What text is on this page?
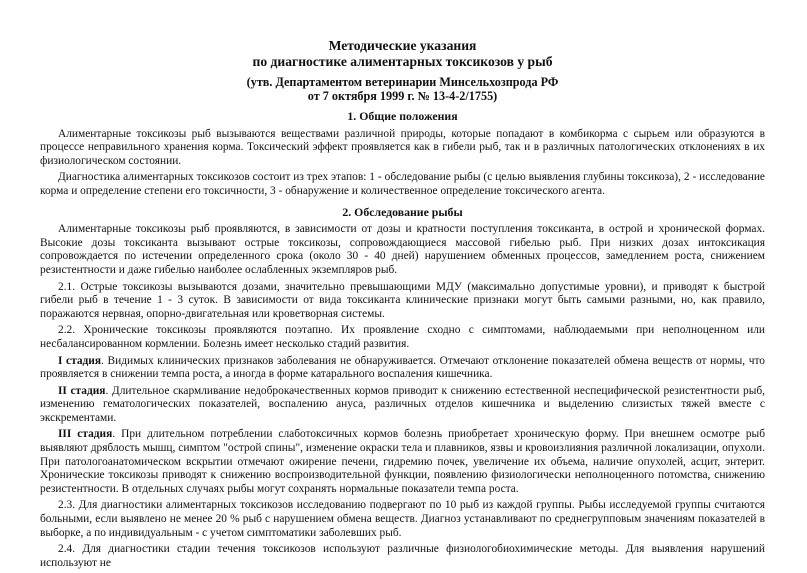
Методические указания
по диагностике алиментарных токсикозов у рыб

(утв. Департаментом ветеринарии Минсельхозпрода РФ
от 7 октября 1999 г. № 13-4-2/1755)

1. Общие положения

Алиментарные токсикозы рыб вызываются веществами различной природы, которые попадают в комбикорма с сырьем или образуются в процессе неправильного хранения корма. Токсический эффект проявляется как в гибели рыб, так и в различных патологических отклонениях в их физиологическом состоянии.

Диагностика алиментарных токсикозов состоит из трех этапов: 1 - обследование рыбы (с целью выявления глубины токсикоза), 2 - исследование корма и определение степени его токсичности, 3 - обнаружение и количественное определение токсического агента.

2. Обследование рыбы

Алиментарные токсикозы рыб проявляются, в зависимости от дозы и кратности поступления токсиканта, в острой и хронической формах. Высокие дозы токсиканта вызывают острые токсикозы, сопровождающиеся массовой гибелью рыб. При низких дозах интоксикация сопровождается по истечении определенного срока (около 30 - 40 дней) нарушением обменных процессов, замедлением роста, снижением резистентности и даже гибелью наиболее ослабленных экземпляров рыб.

2.1. Острые токсикозы вызываются дозами, значительно превышающими МДУ (максимально допустимые уровни), и приводят к быстрой гибели рыб в течение 1 - 3 суток. В зависимости от вида токсиканта клинические признаки могут быть самыми разными, но, как правило, поражаются нервная, опорно-двигательная или кроветворная системы.

2.2. Хронические токсикозы проявляются поэтапно. Их проявление сходно с симптомами, наблюдаемыми при неполноценном или несбалансированном кормлении. Болезнь имеет несколько стадий развития.

I стадия. Видимых клинических признаков заболевания не обнаруживается. Отмечают отклонение показателей обмена веществ от нормы, что проявляется в снижении темпа роста, а иногда в форме катарального воспаления кишечника.

II стадия. Длительное скармливание недоброкачественных кормов приводит к снижению естественной неспецифической резистентности рыб, изменению гематологических показателей, воспалению ануса, различных отделов кишечника и выделению слизистых тяжей вместе с экскрементами.

III стадия. При длительном потреблении слаботоксичных кормов болезнь приобретает хроническую форму. При внешнем осмотре рыб выявляют дряблость мышц, симптом "острой спины", изменение окраски тела и плавников, язвы и кровоизлияния различной локализации, опухоли. При патологоанатомическом вскрытии отмечают ожирение печени, гидремию почек, увеличение их объема, наличие опухолей, асцит, энтерит. Хронические токсикозы приводят к снижению воспроизводительной функции, появлению физиологически неполноценного потомства, снижению резистентности. В отдельных случаях рыбы могут сохранять нормальные показатели темпа роста.

2.3. Для диагностики алиментарных токсикозов исследованию подвергают по 10 рыб из каждой группы. Рыбы исследуемой группы считаются больными, если выявлено не менее 20 % рыб с нарушением обмена веществ. Диагноз устанавливают по среднегрупповым значениям показателей в выборке, а по индивидуальным - с учетом симптоматики заболевших рыб.

2.4. Для диагностики стадии течения токсикозов используют различные физиологобиохимические методы. Для выявления нарушений используют не
